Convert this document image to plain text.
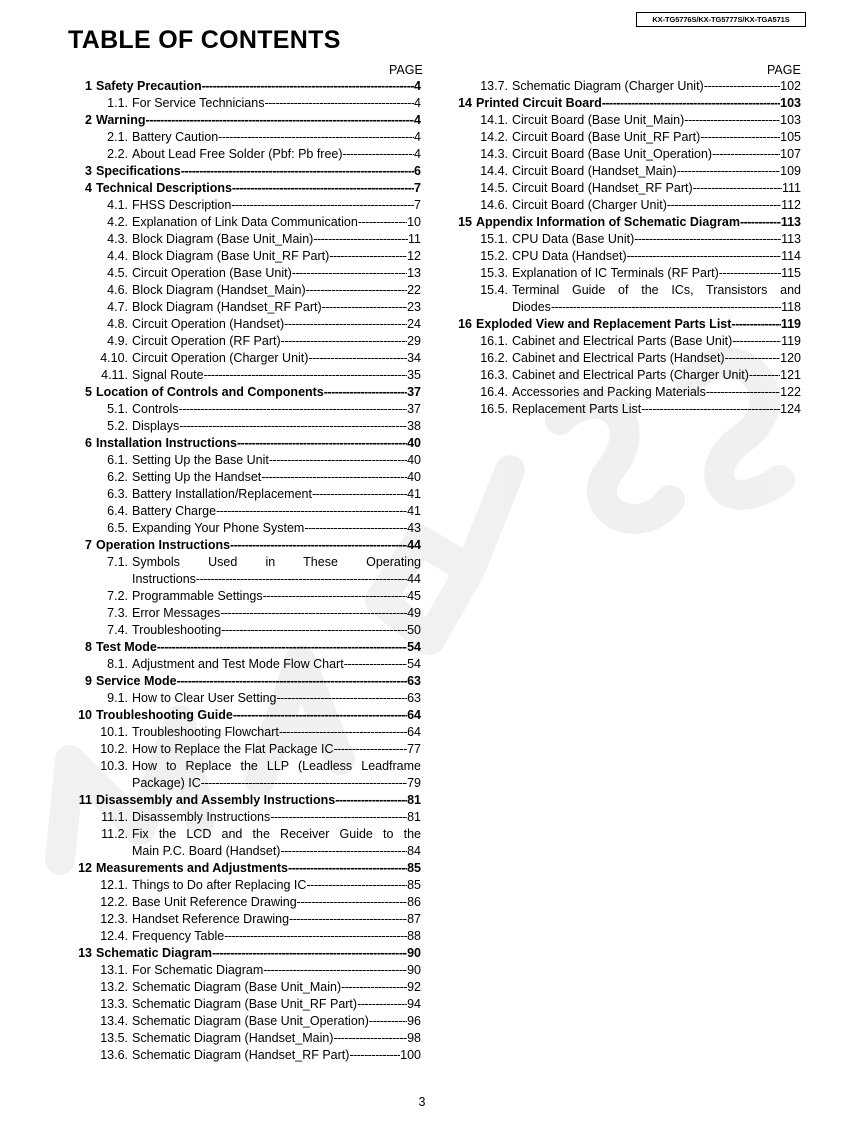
KX-TG5776S/KX-TG5777S/KX-TGA571S
TABLE OF CONTENTS
PAGE	PAGE
1 Safety Precaution -----	4
1.1. For Service Technicians -----	4
2 Warning -----	4
2.1. Battery Caution -----	4
2.2. About Lead Free Solder (Pbf: Pb free) -----	4
3 Specifications -----	6
4 Technical Descriptions -----	7
4.1. FHSS Description -----	7
4.2. Explanation of Link Data Communication -----	10
4.3. Block Diagram (Base Unit_Main) -----	11
4.4. Block Diagram (Base Unit_RF Part) -----	12
4.5. Circuit Operation (Base Unit) -----	13
4.6. Block Diagram (Handset_Main) -----	22
4.7. Block Diagram (Handset_RF Part) -----	23
4.8. Circuit Operation (Handset) -----	24
4.9. Circuit Operation (RF Part) -----	29
4.10. Circuit Operation (Charger Unit) -----	34
4.11. Signal Route -----	35
5 Location of Controls and Components -----	37
5.1. Controls -----	37
5.2. Displays -----	38
6 Installation Instructions -----	40
6.1. Setting Up the Base Unit -----	40
6.2. Setting Up the Handset -----	40
6.3. Battery Installation/Replacement -----	41
6.4. Battery Charge -----	41
6.5. Expanding Your Phone System -----	43
7 Operation Instructions -----	44
7.1. Symbols Used in These Operating
Instructions -----	44
7.2. Programmable Settings -----	45
7.3. Error Messages -----	49
7.4. Troubleshooting -----	50
8 Test Mode -----	54
8.1. Adjustment and Test Mode Flow Chart -----	54
9 Service Mode -----	63
9.1. How to Clear User Setting -----	63
10 Troubleshooting Guide -----	64
10.1. Troubleshooting Flowchart -----	64
10.2. How to Replace the Flat Package IC -----	77
10.3. How to Replace the LLP (Leadless Leadframe
Package) IC -----	79
11 Disassembly and Assembly Instructions -----	81
11.1. Disassembly Instructions -----	81
11.2. Fix the LCD and the Receiver Guide to the
Main P.C. Board (Handset) -----	84
12 Measurements and Adjustments -----	85
12.1. Things to Do after Replacing IC -----	85
12.2. Base Unit Reference Drawing -----	86
12.3. Handset Reference Drawing -----	87
12.4. Frequency Table -----	88
13 Schematic Diagram -----	90
13.1. For Schematic Diagram -----	90
13.2. Schematic Diagram (Base Unit_Main) -----	92
13.3. Schematic Diagram (Base Unit_RF Part) -----	94
13.4. Schematic Diagram (Base Unit_Operation) -----	96
13.5. Schematic Diagram (Handset_Main) -----	98
13.6. Schematic Diagram (Handset_RF Part) -----	100
13.7. Schematic Diagram (Charger Unit) -----	102
14 Printed Circuit Board -----	103
14.1. Circuit Board (Base Unit_Main) -----	103
14.2. Circuit Board (Base Unit_RF Part) -----	105
14.3. Circuit Board (Base Unit_Operation) -----	107
14.4. Circuit Board (Handset_Main) -----	109
14.5. Circuit Board (Handset_RF Part) -----	111
14.6. Circuit Board (Charger Unit) -----	112
15 Appendix Information of Schematic Diagram -----	113
15.1. CPU Data (Base Unit) -----	113
15.2. CPU Data (Handset) -----	114
15.3. Explanation of IC Terminals (RF Part) -----	115
15.4. Terminal Guide of the ICs, Transistors and
Diodes -----	118
16 Exploded View and Replacement Parts List -----	119
16.1. Cabinet and Electrical Parts (Base Unit) -----	119
16.2. Cabinet and Electrical Parts (Handset) -----	120
16.3. Cabinet and Electrical Parts (Charger Unit) ----- 121
16.4. Accessories and Packing Materials -----	122
16.5. Replacement Parts List -----	124
3
